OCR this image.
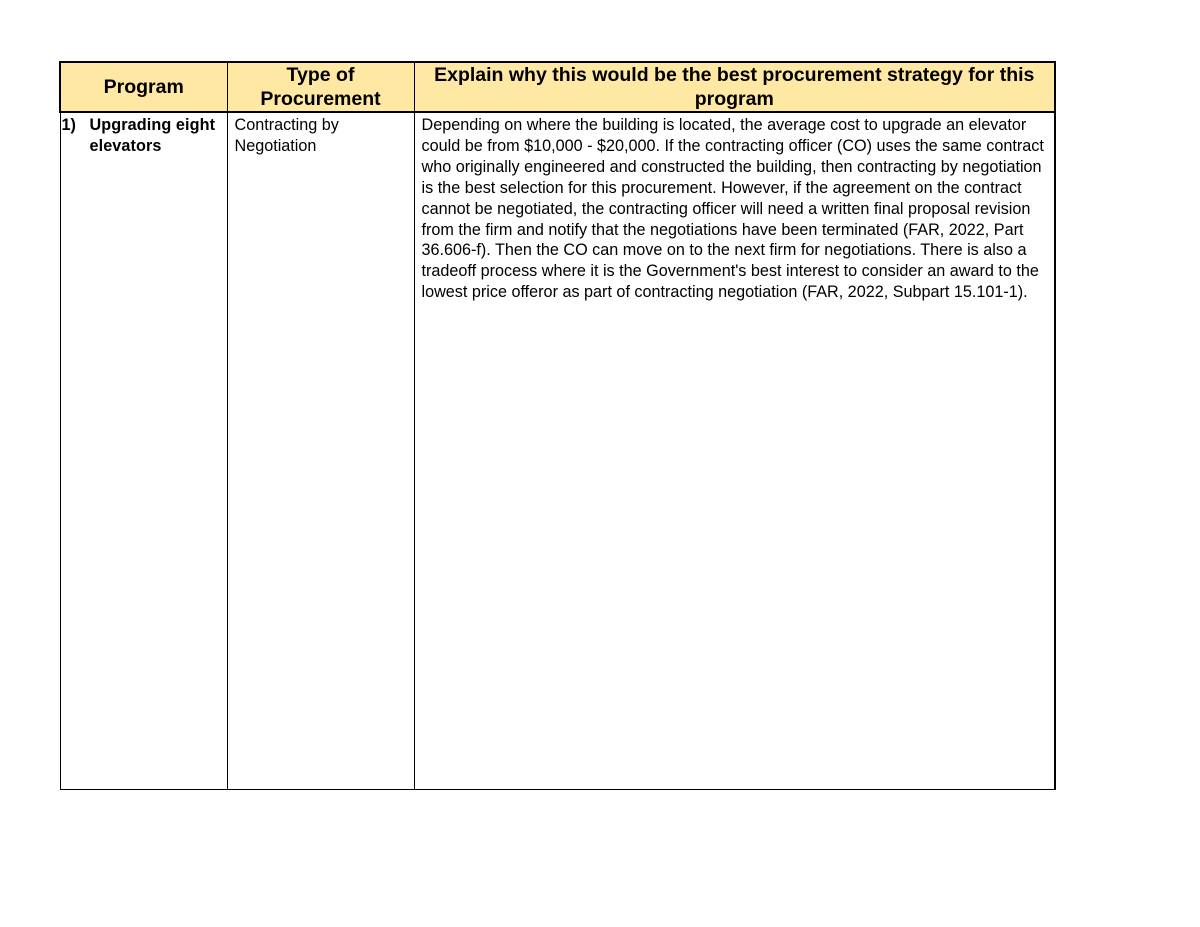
Program	Type of Procurement	Explain why this would be the best procurement strategy for this program

1) Upgrading eight elevators	Contracting by Negotiation	Depending on where the building is located, the average cost to upgrade an elevator could be from $10,000 - $20,000. If the contracting officer (CO) uses the same contract who originally engineered and constructed the building, then contracting by negotiation is the best selection for this procurement. However, if the agreement on the contract cannot be negotiated, the contracting officer will need a written final proposal revision from the firm and notify that the negotiations have been terminated (FAR, 2022, Part 36.606-f). Then the CO can move on to the next firm for negotiations. There is also a tradeoff process where it is the Government's best interest to consider an award to the lowest price offeror as part of contracting negotiation (FAR, 2022, Subpart 15.101-1).
